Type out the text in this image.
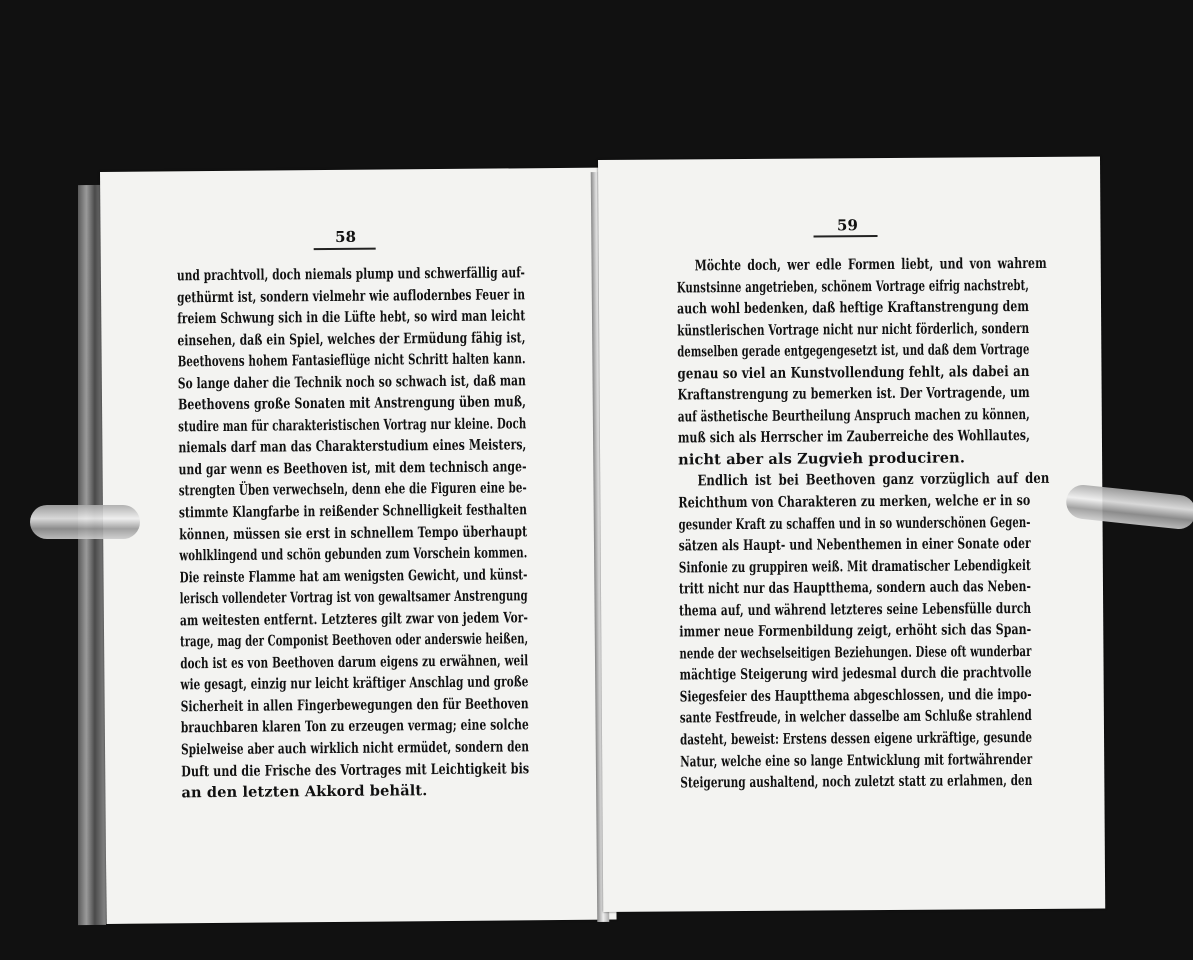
58
und prachtvoll, doch niemals plump und schwerfällig auf-
gethürmt ist, sondern vielmehr wie auflodernbes Feuer in
freiem Schwung sich in die Lüfte hebt, so wird man leicht
einsehen, daß ein Spiel, welches der Ermüdung fähig ist,
Beethovens hohem Fantasieflüge nicht Schritt halten kann.
So lange daher die Technik noch so schwach ist, daß man
Beethovens große Sonaten mit Anstrengung üben muß,
studire man für charakteristischen Vortrag nur kleine. Doch
niemals darf man das Charakterstudium eines Meisters,
und gar wenn es Beethoven ist, mit dem technisch ange-
strengten Üben verwechseln, denn ehe die Figuren eine be-
stimmte Klangfarbe in reißender Schnelligkeit festhalten
können, müssen sie erst in schnellem Tempo überhaupt
wohlklingend und schön gebunden zum Vorschein kommen.
Die reinste Flamme hat am wenigsten Gewicht, und künst-
lerisch vollendeter Vortrag ist von gewaltsamer Anstrengung
am weitesten entfernt. Letzteres gilt zwar von jedem Vor-
trage, mag der Componist Beethoven oder anderswie heißen,
doch ist es von Beethoven darum eigens zu erwähnen, weil
wie gesagt, einzig nur leicht kräftiger Anschlag und große
Sicherheit in allen Fingerbewegungen den für Beethoven
brauchbaren klaren Ton zu erzeugen vermag; eine solche
Spielweise aber auch wirklich nicht ermüdet, sondern den
Duft und die Frische des Vortrages mit Leichtigkeit bis
an den letzten Akkord behält.
59
Möchte doch, wer edle Formen liebt, und von wahrem
Kunstsinne angetrieben, schönem Vortrage eifrig nachstrebt,
auch wohl bedenken, daß heftige Kraftanstrengung dem
künstlerischen Vortrage nicht nur nicht förderlich, sondern
demselben gerade entgegengesetzt ist, und daß dem Vortrage
genau so viel an Kunstvollendung fehlt, als dabei an
Kraftanstrengung zu bemerken ist. Der Vortragende, um
auf ästhetische Beurtheilung Anspruch machen zu können,
muß sich als Herrscher im Zauberreiche des Wohllautes,
nicht aber als Zugvieh produciren.
Endlich ist bei Beethoven ganz vorzüglich auf den
Reichthum von Charakteren zu merken, welche er in so
gesunder Kraft zu schaffen und in so wunderschönen Gegen-
sätzen als Haupt- und Nebenthemen in einer Sonate oder
Sinfonie zu gruppiren weiß. Mit dramatischer Lebendigkeit
tritt nicht nur das Hauptthema, sondern auch das Neben-
thema auf, und während letzteres seine Lebensfülle durch
immer neue Formenbildung zeigt, erhöht sich das Span-
nende der wechselseitigen Beziehungen. Diese oft wunderbar
mächtige Steigerung wird jedesmal durch die prachtvolle
Siegesfeier des Hauptthema abgeschlossen, und die impo-
sante Festfreude, in welcher dasselbe am Schluße strahlend
dasteht, beweist: Erstens dessen eigene urkräftige, gesunde
Natur, welche eine so lange Entwicklung mit fortwährender
Steigerung aushaltend, noch zuletzt statt zu erlahmen, den
